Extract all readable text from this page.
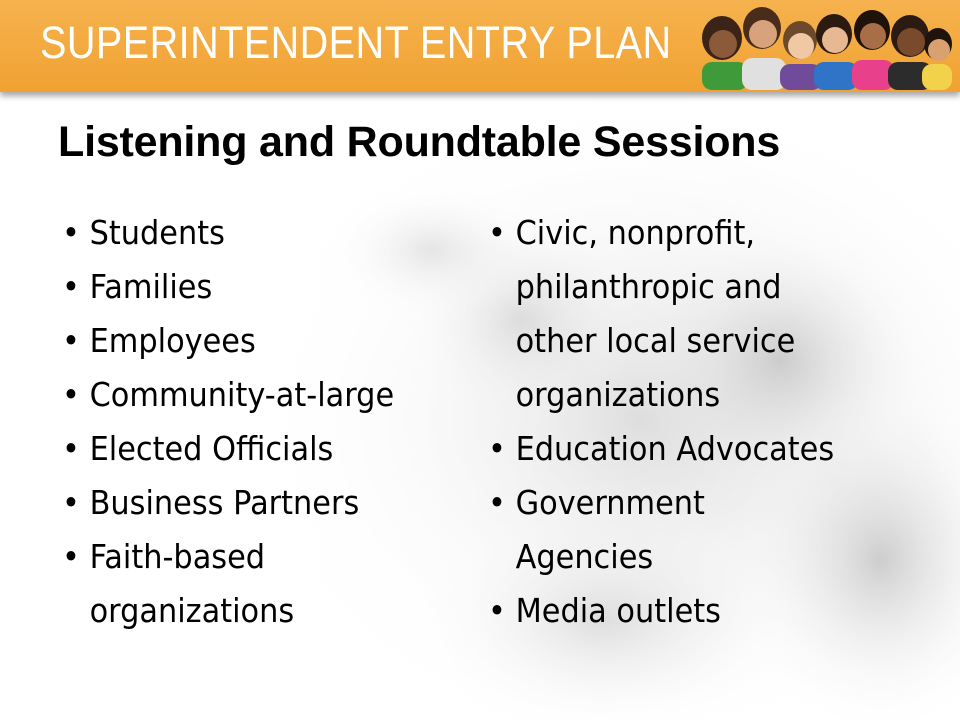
SUPERINTENDENT ENTRY PLAN
Listening and Roundtable Sessions
• Students
• Families
• Employees
• Community-at-large
• Elected Officials
• Business Partners
• Faith-based
organizations
• Civic, nonprofit,
philanthropic and
other local service
organizations
• Education Advocates
• Government
Agencies
• Media outlets
